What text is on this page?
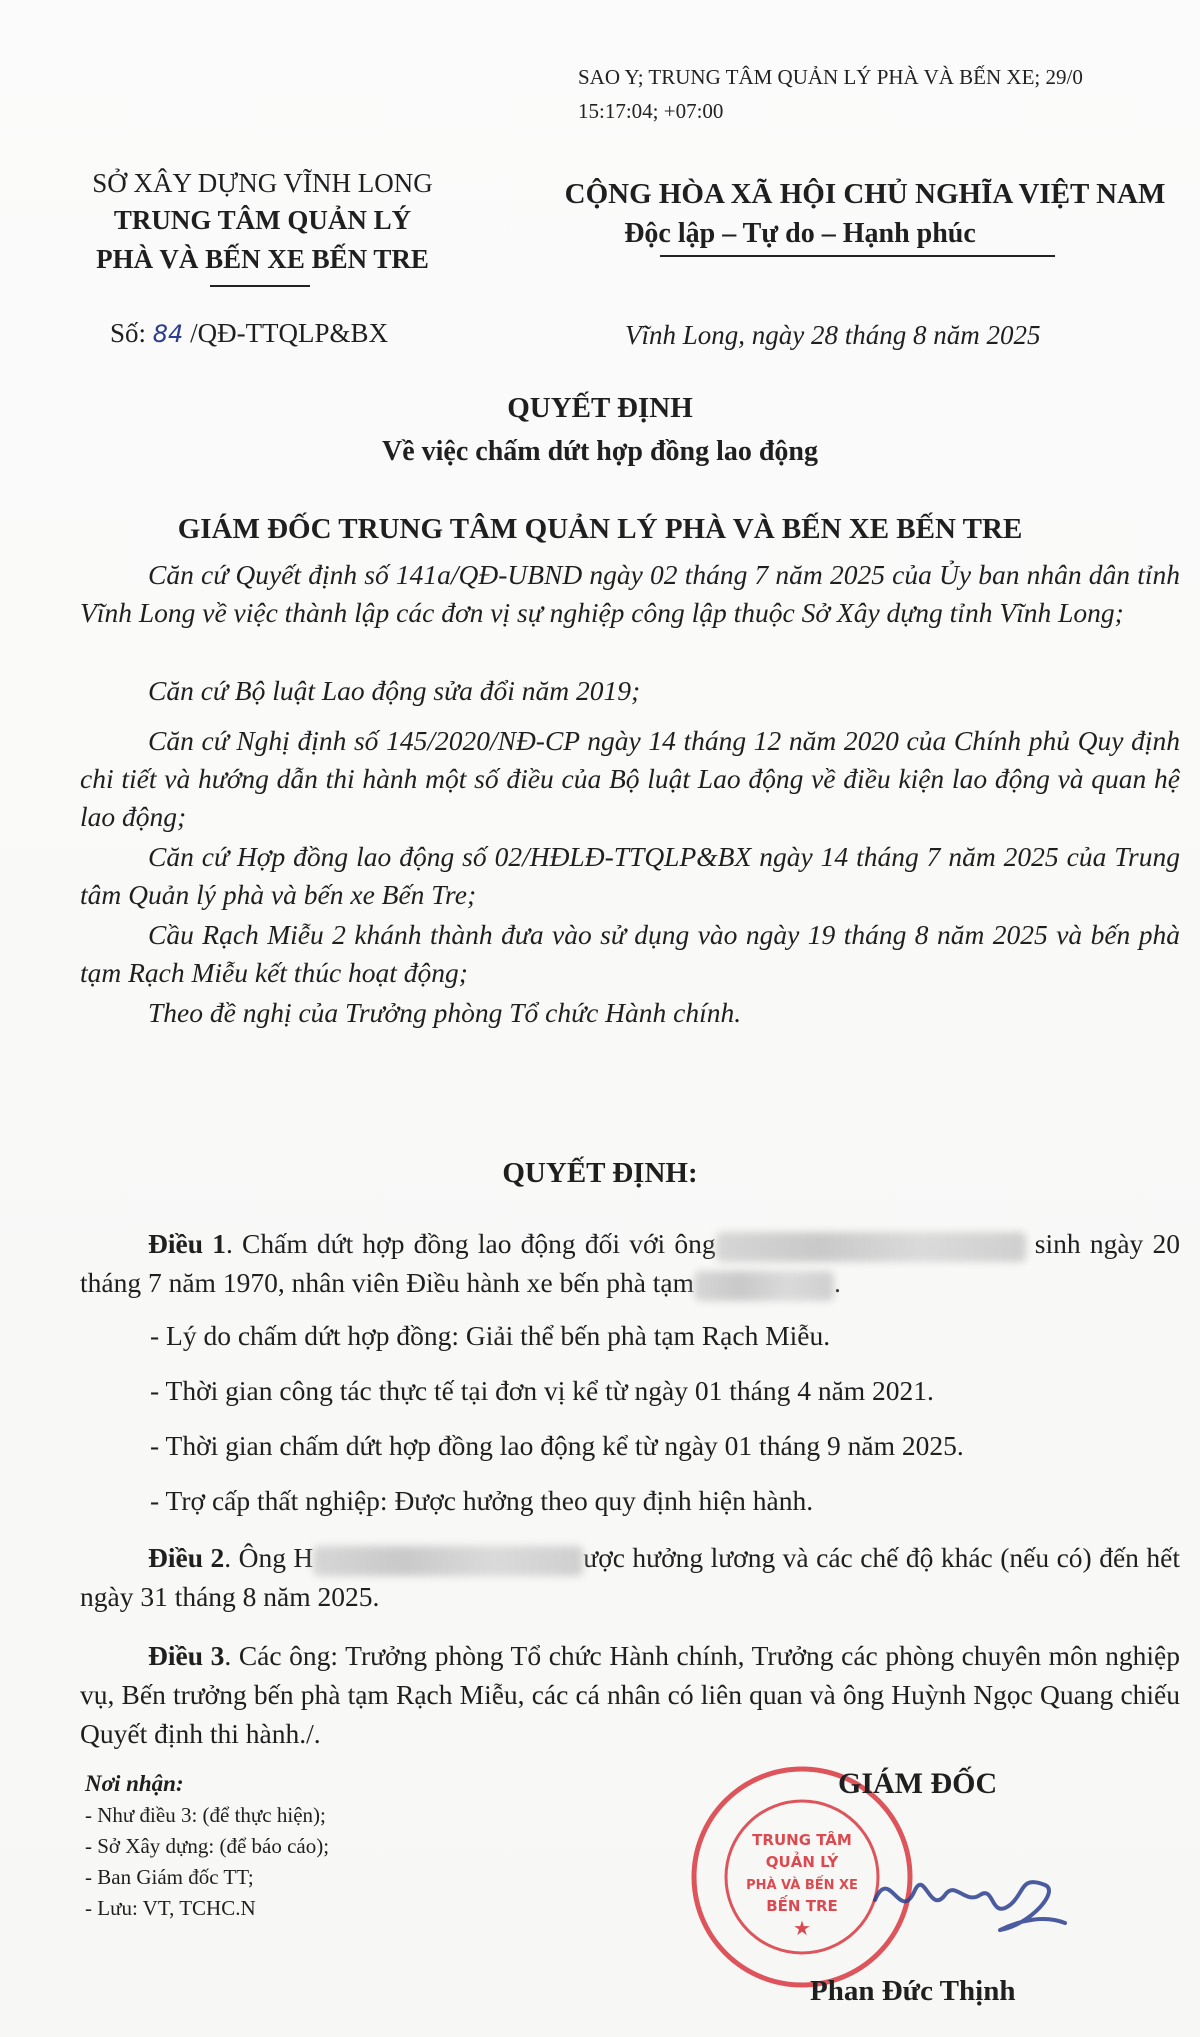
SAO Y; TRUNG TÂM QUẢN LÝ PHÀ VÀ BẾN XE; 29/0
15:17:04; +07:00
SỞ XÂY DỰNG VĨNH LONG
TRUNG TÂM QUẢN LÝ
PHÀ VÀ BẾN XE BẾN TRE
CỘNG HÒA XÃ HỘI CHỦ NGHĨA VIỆT NAM
Độc lập – Tự do – Hạnh phúc
Số: 84 /QĐ-TTQLP&BX	Vĩnh Long, ngày 28 tháng 8 năm 2025
QUYẾT ĐỊNH
Về việc chấm dứt hợp đồng lao động
GIÁM ĐỐC TRUNG TÂM QUẢN LÝ PHÀ VÀ BẾN XE BẾN TRE
Căn cứ Quyết định số 141a/QĐ-UBND ngày 02 tháng 7 năm 2025 của Ủy ban nhân dân tỉnh Vĩnh Long về việc thành lập các đơn vị sự nghiệp công lập thuộc Sở Xây dựng tỉnh Vĩnh Long;
Căn cứ Bộ luật Lao động sửa đổi năm 2019;
Căn cứ Nghị định số 145/2020/NĐ-CP ngày 14 tháng 12 năm 2020 của Chính phủ Quy định chi tiết và hướng dẫn thi hành một số điều của Bộ luật Lao động về điều kiện lao động và quan hệ lao động;
Căn cứ Hợp đồng lao động số 02/HĐLĐ-TTQLP&BX ngày 14 tháng 7 năm 2025 của Trung tâm Quản lý phà và bến xe Bến Tre;
Cầu Rạch Miễu 2 khánh thành đưa vào sử dụng vào ngày 19 tháng 8 năm 2025 và bến phà tạm Rạch Miễu kết thúc hoạt động;
Theo đề nghị của Trưởng phòng Tổ chức Hành chính.
QUYẾT ĐỊNH:
Điều 1. Chấm dứt hợp đồng lao động đối với ông	sinh ngày 20 tháng 7 năm 1970, nhân viên Điều hành xe bến phà tạm	.
- Lý do chấm dứt hợp đồng: Giải thể bến phà tạm Rạch Miễu.
- Thời gian công tác thực tế tại đơn vị kể từ ngày 01 tháng 4 năm 2021.
- Thời gian chấm dứt hợp đồng lao động kể từ ngày 01 tháng 9 năm 2025.
- Trợ cấp thất nghiệp: Được hưởng theo quy định hiện hành.
Điều 2. Ông H	ược hưởng lương và các chế độ khác (nếu có) đến hết ngày 31 tháng 8 năm 2025.
Điều 3. Các ông: Trưởng phòng Tổ chức Hành chính, Trưởng các phòng chuyên môn nghiệp vụ, Bến trưởng bến phà tạm Rạch Miễu, các cá nhân có liên quan và ông Huỳnh Ngọc Quang chiếu Quyết định thi hành./.
Nơi nhận:
- Như điều 3: (để thực hiện);
- Sở Xây dựng: (để báo cáo);
- Ban Giám đốc TT;
- Lưu: VT, TCHC.N
TRUNG TÂM
QUẢN LÝ
PHÀ VÀ BẾN XE
BẾN TRE
★
GIÁM ĐỐC
Phan Đức Thịnh
